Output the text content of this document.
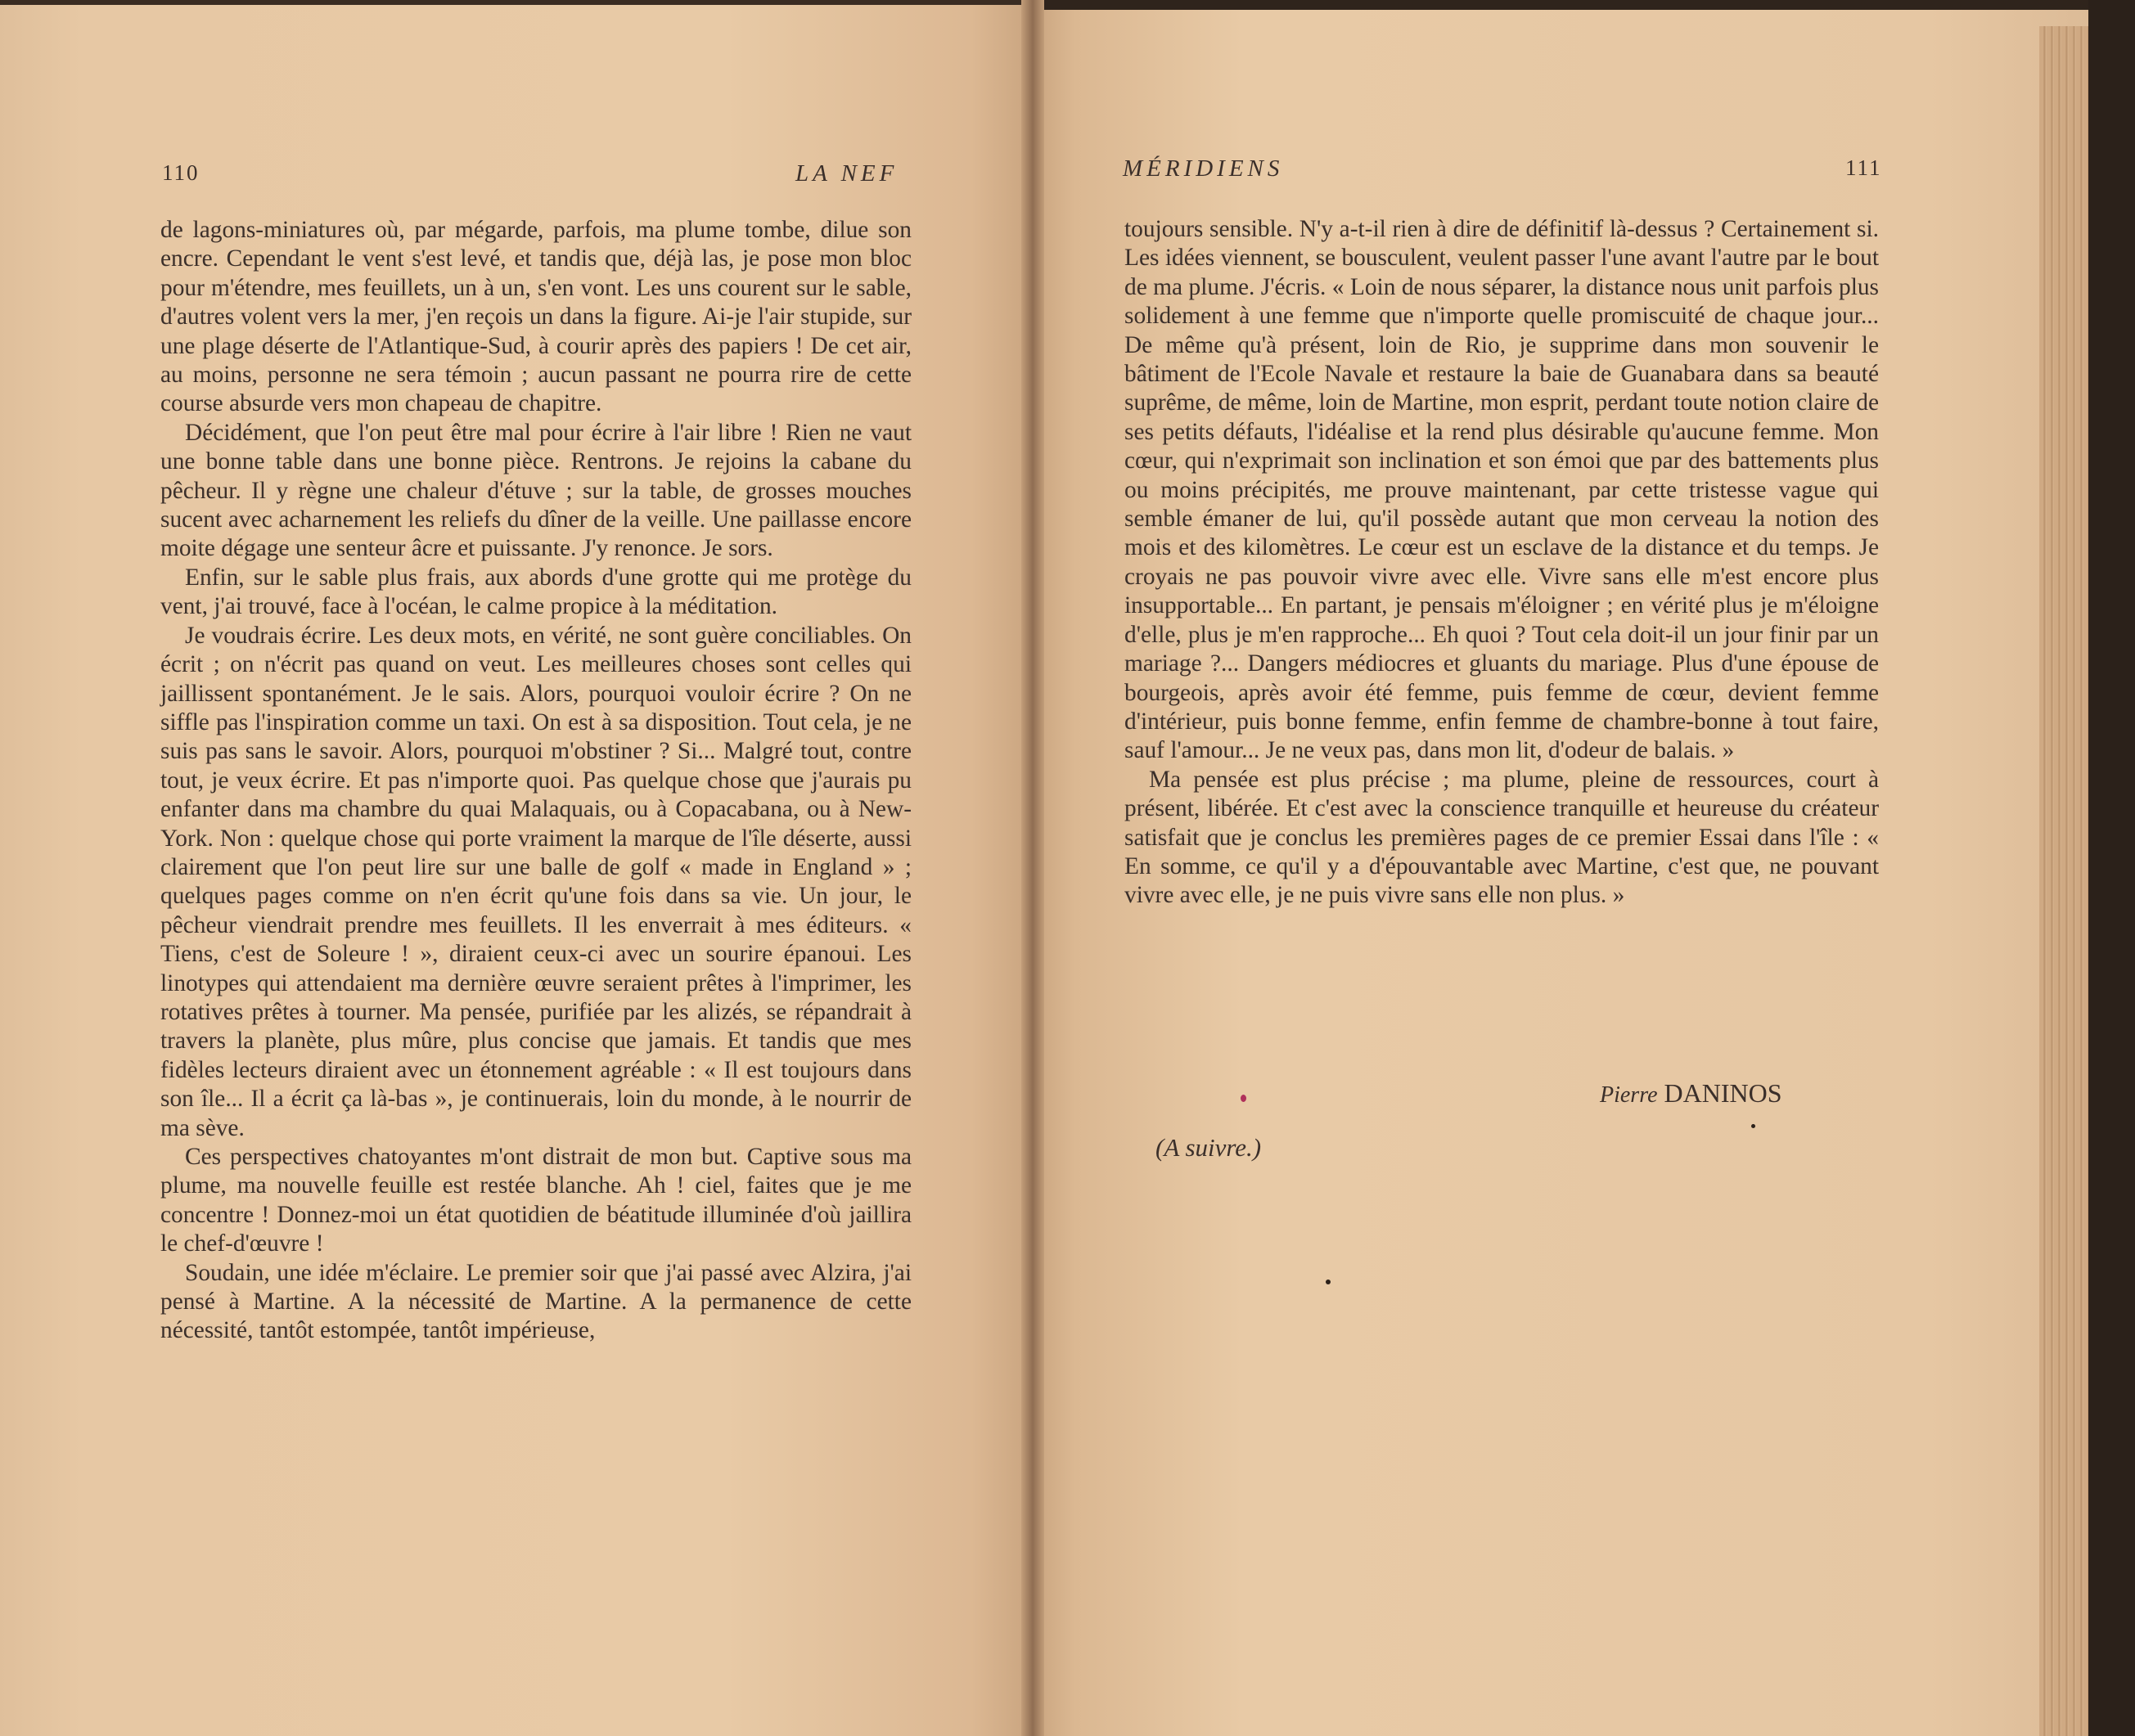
110	LA NEF

de lagons-miniatures où, par mégarde, parfois, ma plume tombe, dilue son encre. Cependant le vent s'est levé, et tandis que, déjà las, je pose mon bloc pour m'étendre, mes feuillets, un à un, s'en vont. Les uns courent sur le sable, d'autres volent vers la mer, j'en reçois un dans la figure. Ai-je l'air stupide, sur une plage déserte de l'Atlantique-Sud, à courir après des papiers ! De cet air, au moins, personne ne sera témoin ; aucun passant ne pourra rire de cette course absurde vers mon chapeau de chapitre.

Décidément, que l'on peut être mal pour écrire à l'air libre ! Rien ne vaut une bonne table dans une bonne pièce. Rentrons. Je rejoins la cabane du pêcheur. Il y règne une chaleur d'étuve ; sur la table, de grosses mouches sucent avec acharnement les reliefs du dîner de la veille. Une paillasse encore moite dégage une senteur âcre et puissante. J'y renonce. Je sors.

Enfin, sur le sable plus frais, aux abords d'une grotte qui me protège du vent, j'ai trouvé, face à l'océan, le calme propice à la méditation.

Je voudrais écrire. Les deux mots, en vérité, ne sont guère conciliables. On écrit ; on n'écrit pas quand on veut. Les meilleures choses sont celles qui jaillissent spontanément. Je le sais. Alors, pourquoi vouloir écrire ? On ne siffle pas l'inspiration comme un taxi. On est à sa disposition. Tout cela, je ne suis pas sans le savoir. Alors, pourquoi m'obstiner ? Si... Malgré tout, contre tout, je veux écrire. Et pas n'importe quoi. Pas quelque chose que j'aurais pu enfanter dans ma chambre du quai Malaquais, ou à Copacabana, ou à New-York. Non : quelque chose qui porte vraiment la marque de l'île déserte, aussi clairement que l'on peut lire sur une balle de golf « made in England » ; quelques pages comme on n'en écrit qu'une fois dans sa vie. Un jour, le pêcheur viendrait prendre mes feuillets. Il les enverrait à mes éditeurs. « Tiens, c'est de Soleure ! », diraient ceux-ci avec un sourire épanoui. Les linotypes qui attendaient ma dernière œuvre seraient prêtes à l'imprimer, les rotatives prêtes à tourner. Ma pensée, purifiée par les alizés, se répandrait à travers la planète, plus mûre, plus concise que jamais. Et tandis que mes fidèles lecteurs diraient avec un étonnement agréable : « Il est toujours dans son île... Il a écrit ça là-bas », je continuerais, loin du monde, à le nourrir de ma sève.

Ces perspectives chatoyantes m'ont distrait de mon but. Captive sous ma plume, ma nouvelle feuille est restée blanche. Ah ! ciel, faites que je me concentre ! Donnez-moi un état quotidien de béatitude illuminée d'où jaillira le chef-d'œuvre !

Soudain, une idée m'éclaire. Le premier soir que j'ai passé avec Alzira, j'ai pensé à Martine. A la nécessité de Martine. A la permanence de cette nécessité, tantôt estompée, tantôt impérieuse,

MÉRIDIENS	111

toujours sensible. N'y a-t-il rien à dire de définitif là-dessus ? Certainement si. Les idées viennent, se bousculent, veulent passer l'une avant l'autre par le bout de ma plume. J'écris. « Loin de nous séparer, la distance nous unit parfois plus solidement à une femme que n'importe quelle promiscuité de chaque jour... De même qu'à présent, loin de Rio, je supprime dans mon souvenir le bâtiment de l'Ecole Navale et restaure la baie de Guanabara dans sa beauté suprême, de même, loin de Martine, mon esprit, perdant toute notion claire de ses petits défauts, l'idéalise et la rend plus désirable qu'aucune femme. Mon cœur, qui n'exprimait son inclination et son émoi que par des battements plus ou moins précipités, me prouve maintenant, par cette tristesse vague qui semble émaner de lui, qu'il possède autant que mon cerveau la notion des mois et des kilomètres. Le cœur est un esclave de la distance et du temps. Je croyais ne pas pouvoir vivre avec elle. Vivre sans elle m'est encore plus insupportable... En partant, je pensais m'éloigner ; en vérité plus je m'éloigne d'elle, plus je m'en rapproche... Eh quoi ? Tout cela doit-il un jour finir par un mariage ?... Dangers médiocres et gluants du mariage. Plus d'une épouse de bourgeois, après avoir été femme, puis femme de cœur, devient femme d'intérieur, puis bonne femme, enfin femme de chambre-bonne à tout faire, sauf l'amour... Je ne veux pas, dans mon lit, d'odeur de balais. »

Ma pensée est plus précise ; ma plume, pleine de ressources, court à présent, libérée. Et c'est avec la conscience tranquille et heureuse du créateur satisfait que je conclus les premières pages de ce premier Essai dans l'île : « En somme, ce qu'il y a d'épouvantable avec Martine, c'est que, ne pouvant vivre avec elle, je ne puis vivre sans elle non plus. »

Pierre DANINOS
(A suivre.)
